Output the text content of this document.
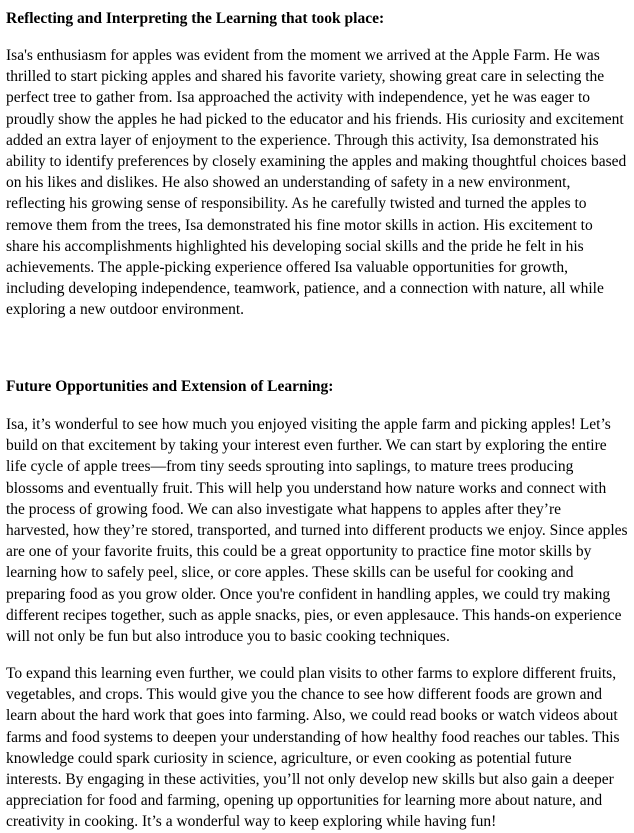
Reflecting and Interpreting the Learning that took place:

Isa's enthusiasm for apples was evident from the moment we arrived at the Apple Farm. He was thrilled to start picking apples and shared his favorite variety, showing great care in selecting the perfect tree to gather from. Isa approached the activity with independence, yet he was eager to proudly show the apples he had picked to the educator and his friends. His curiosity and excitement added an extra layer of enjoyment to the experience. Through this activity, Isa demonstrated his ability to identify preferences by closely examining the apples and making thoughtful choices based on his likes and dislikes. He also showed an understanding of safety in a new environment, reflecting his growing sense of responsibility. As he carefully twisted and turned the apples to remove them from the trees, Isa demonstrated his fine motor skills in action. His excitement to share his accomplishments highlighted his developing social skills and the pride he felt in his achievements. The apple-picking experience offered Isa valuable opportunities for growth, including developing independence, teamwork, patience, and a connection with nature, all while exploring a new outdoor environment.

Future Opportunities and Extension of Learning:

Isa, it’s wonderful to see how much you enjoyed visiting the apple farm and picking apples! Let’s build on that excitement by taking your interest even further. We can start by exploring the entire life cycle of apple trees—from tiny seeds sprouting into saplings, to mature trees producing blossoms and eventually fruit. This will help you understand how nature works and connect with the process of growing food. We can also investigate what happens to apples after they’re harvested, how they’re stored, transported, and turned into different products we enjoy. Since apples are one of your favorite fruits, this could be a great opportunity to practice fine motor skills by learning how to safely peel, slice, or core apples. These skills can be useful for cooking and preparing food as you grow older. Once you're confident in handling apples, we could try making different recipes together, such as apple snacks, pies, or even applesauce. This hands-on experience will not only be fun but also introduce you to basic cooking techniques.

To expand this learning even further, we could plan visits to other farms to explore different fruits, vegetables, and crops. This would give you the chance to see how different foods are grown and learn about the hard work that goes into farming. Also, we could read books or watch videos about farms and food systems to deepen your understanding of how healthy food reaches our tables. This knowledge could spark curiosity in science, agriculture, or even cooking as potential future interests. By engaging in these activities, you’ll not only develop new skills but also gain a deeper appreciation for food and farming, opening up opportunities for learning more about nature, and creativity in cooking. It’s a wonderful way to keep exploring while having fun!
